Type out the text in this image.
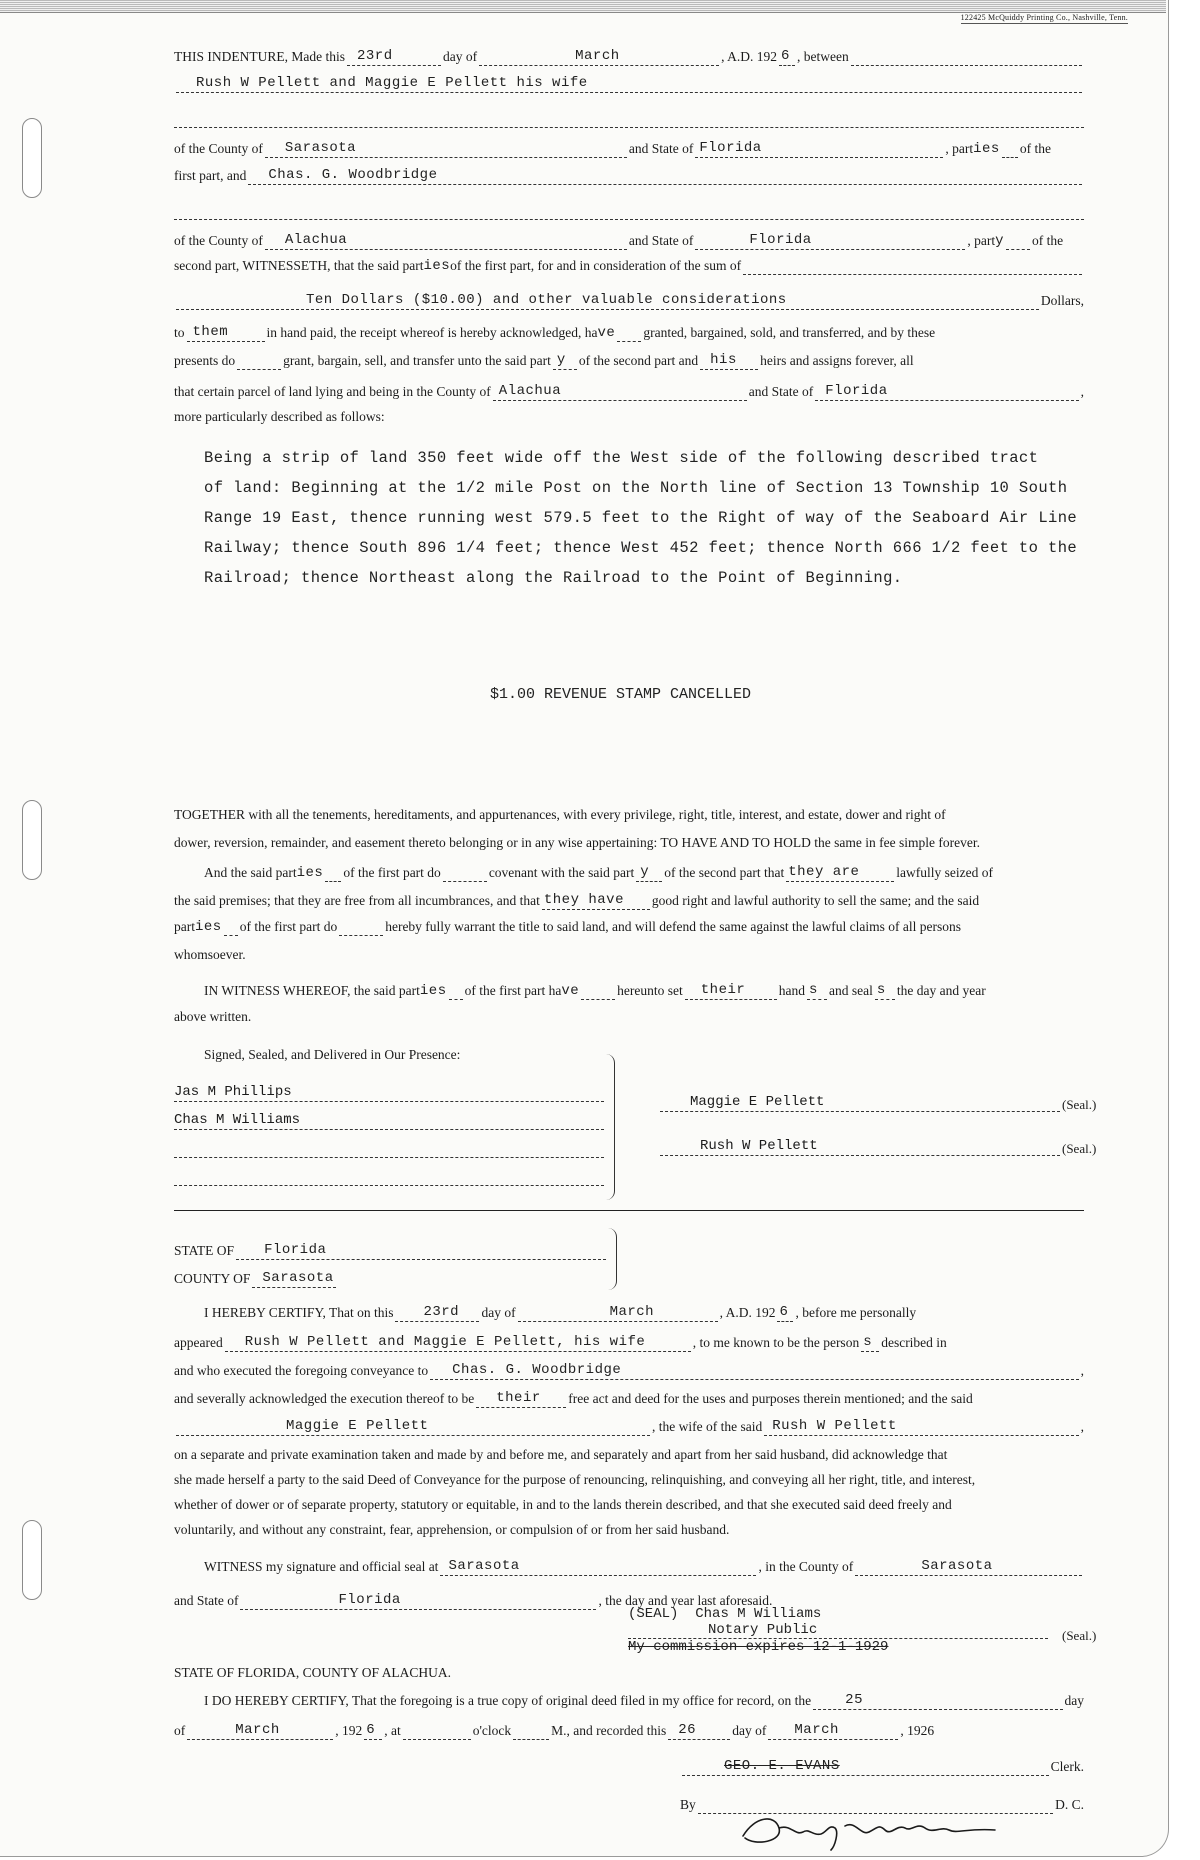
122425 McQuiddy Printing Co., Nashville, Tenn.
THIS INDENTURE, Made this 23rd	day of	March	, A.D. 192 6 , between
Rush W Pellett and Maggie E Pellett his wife
of the County of	Sarasota	and State of Florida	, part ies of the
first part, and	Chas. G. Woodbridge
of the County of	Alachua	and State of	Florida	, part y of the
second part, WITNESSETH, that the said part ies of the first part, for and in consideration of the sum of
Ten Dollars ($10.00) and other valuable considerations	Dollars,
to them	in hand paid, the receipt whereof is hereby acknowledged, ha ve granted, bargained, sold, and transferred, and by these
presents do	grant, bargain, sell, and transfer unto the said part y of the second part and his	heirs and assigns forever, all
that certain parcel of land lying and being in the County of Alachua	and State of Florida	,
more particularly described as follows:
Being a strip of land 350 feet wide off the West side of the following described tract
of land: Beginning at the 1/2 mile Post on the North line of Section 13 Township 10 South
Range 19 East, thence running west 579.5 feet to the Right of way of the Seaboard Air Line
Railway; thence South 896 1/4 feet; thence West 452 feet; thence North 666 1/2 feet to the
Railroad; thence Northeast along the Railroad to the Point of Beginning.
$1.00 REVENUE STAMP CANCELLED
TOGETHER with all the tenements, hereditaments, and appurtenances, with every privilege, right, title, interest, and estate, dower and right of
dower, reversion, remainder, and easement thereto belonging or in any wise appertaining: TO HAVE AND TO HOLD the same in fee simple forever.
And the said part ies of the first part do	covenant with the said part y	of the second part that they are	lawfully seized of
the said premises; that they are free from all incumbrances, and that they have	good right and lawful authority to sell the same; and the said
part ies of the first part do	hereby fully warrant the title to said land, and will defend the same against the lawful claims of all persons
whomsoever.
IN WITNESS WHEREOF, the said part ies of the first part ha ve	hereunto set	their	hand s and seal s the day and year
above written.
Signed, Sealed, and Delivered in Our Presence:
Jas M Phillips
Chas M Williams
Maggie E Pellett	(Seal.)
Rush W Pellett	(Seal.)
STATE OF	Florida
COUNTY OF Sarasota
I HEREBY CERTIFY, That on this	23rd	day of	March	, A.D. 192 6 , before me personally
appeared	Rush W Pellett and Maggie E Pellett, his wife	, to me known to be the person s described in
and who executed the foregoing conveyance to	Chas. G. Woodbridge	,
and severally acknowledged the execution thereof to be	their	free act and deed for the uses and purposes therein mentioned; and the said
Maggie E Pellett	, the wife of the said Rush W Pellett	,
on a separate and private examination taken and made by and before me, and separately and apart from her said husband, did acknowledge that
she made herself a party to the said Deed of Conveyance for the purpose of renouncing, relinquishing, and conveying all her right, title, and interest,
whether of dower or of separate property, statutory or equitable, in and to the lands therein described, and that she executed said deed freely and
voluntarily, and without any constraint, fear, apprehension, or compulsion of or from her said husband.
WITNESS my signature and official seal at Sarasota	, in the County of	Sarasota
and State of	Florida	, the day and year last aforesaid.
(SEAL) Chas M Williams
Notary Public
My commission expires 12-1-1929
(Seal.)
STATE OF FLORIDA, COUNTY OF ALACHUA.
I DO HEREBY CERTIFY, That the foregoing is a true copy of original deed filed in my office for record, on the	25	day
of	March	, 192 6 , at	o'clock	M., and recorded this 26	day of	March	, 1926
GEO. E. EVANS	Clerk.
By	D. C.
